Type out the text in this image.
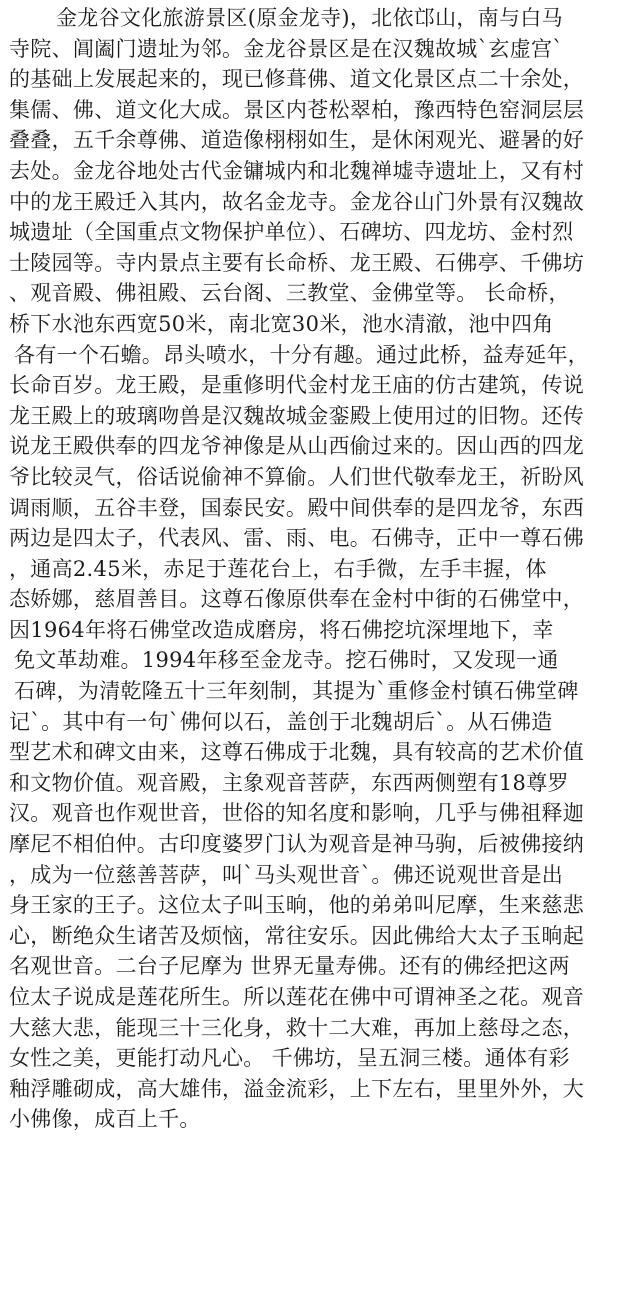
金龙谷文化旅游景区(原金龙寺)，北依邙山，南与白马
寺院、阊阖门遗址为邻。金龙谷景区是在汉魏故城`玄虚宫`
的基础上发展起来的，现已修葺佛、道文化景区点二十余处，
集儒、佛、道文化大成。景区内苍松翠柏，豫西特色窑洞层层
叠叠，五千余尊佛、道造像栩栩如生，是休闲观光、避暑的好
去处。金龙谷地处古代金镛城内和北魏禅墟寺遗址上，又有村
中的龙王殿迁入其内，故名金龙寺。金龙谷山门外景有汉魏故
城遗址（全国重点文物保护单位）、石碑坊、四龙坊、金村烈
士陵园等。寺内景点主要有长命桥、龙王殿、石佛亭、千佛坊
、观音殿、佛祖殿、云台阁、三教堂、金佛堂等。 长命桥，
桥下水池东西宽50米，南北宽30米，池水清澈，池中四角
各有一个石蟾。昂头喷水，十分有趣。通过此桥，益寿延年，
长命百岁。龙王殿，是重修明代金村龙王庙的仿古建筑，传说
龙王殿上的玻璃吻兽是汉魏故城金銮殿上使用过的旧物。还传
说龙王殿供奉的四龙爷神像是从山西偷过来的。因山西的四龙
爷比较灵气，俗话说偷神不算偷。人们世代敬奉龙王，祈盼风
调雨顺，五谷丰登，国泰民安。殿中间供奉的是四龙爷，东西
两边是四太子，代表风、雷、雨、电。石佛寺，正中一尊石佛
，通高2.45米，赤足于莲花台上，右手微，左手丰握，体
态娇娜，慈眉善目。这尊石像原供奉在金村中街的石佛堂中，
因1964年将石佛堂改造成磨房，将石佛挖坑深埋地下，幸
免文革劫难。1994年移至金龙寺。挖石佛时，又发现一通
石碑，为清乾隆五十三年刻制，其提为`重修金村镇石佛堂碑
记`。其中有一句`佛何以石，盖创于北魏胡后`。从石佛造
型艺术和碑文由来，这尊石佛成于北魏，具有较高的艺术价值
和文物价值。观音殿，主象观音菩萨，东西两侧塑有18尊罗
汉。观音也作观世音，世俗的知名度和影响，几乎与佛祖释迦
摩尼不相伯仲。古印度婆罗门认为观音是神马驹，后被佛接纳
，成为一位慈善菩萨，叫`马头观世音`。佛还说观世音是出
身王家的王子。这位太子叫玉晌，他的弟弟叫尼摩，生来慈悲
心，断绝众生诸苦及烦恼，常往安乐。因此佛给大太子玉晌起
名观世音。二台子尼摩为 世界无量寿佛。还有的佛经把这两
位太子说成是莲花所生。所以莲花在佛中可谓神圣之花。观音
大慈大悲，能现三十三化身，救十二大难，再加上慈母之态，
女性之美，更能打动凡心。 千佛坊，呈五洞三楼。通体有彩
釉浮雕砌成，高大雄伟，溢金流彩，上下左右，里里外外，大
小佛像，成百上千。
